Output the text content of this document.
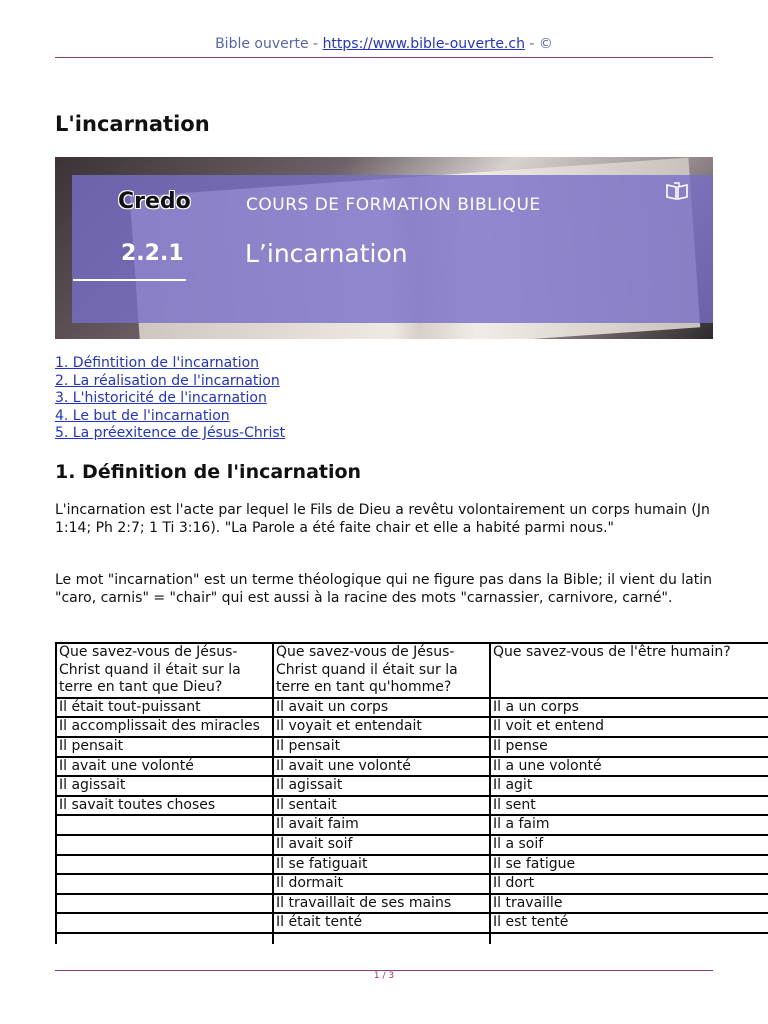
Bible ouverte - https://www.bible-ouverte.ch - ©
L'incarnation
Credo	COURS DE FORMATION BIBLIQUE
2.2.1 L’incarnation
1. Défintition de l'incarnation
2. La réalisation de l'incarnation
3. L'historicité de l'incarnation
4. Le but de l'incarnation
5. La préexitence de Jésus-Christ
1. Définition de l'incarnation

L'incarnation est l'acte par lequel le Fils de Dieu a revêtu volontairement un corps humain (Jn 1:14; Ph 2:7; 1 Ti 3:16). "La Parole a été faite chair et elle a habité parmi nous."

Le mot "incarnation" est un terme théologique qui ne figure pas dans la Bible; il vient du latin "caro, carnis" = "chair" qui est aussi à la racine des mots "carnassier, carnivore, carné".

Que savez-vous de Jésus-Christ quand il était sur la terre en tant que Dieu?	Que savez-vous de Jésus-Christ quand il était sur la terre en tant qu'homme?	Que savez-vous de l'être humain?
Il était tout-puissant	Il avait un corps	Il a un corps
Il accomplissait des miracles	Il voyait et entendait	Il voit et entend
Il pensait	Il pensait	Il pense
Il avait une volonté	Il avait une volonté	Il a une volonté
Il agissait	Il agissait	Il agit
Il savait toutes choses	Il sentait	Il sent
	Il avait faim	Il a faim
	Il avait soif	Il a soif
	Il se fatiguait	Il se fatigue
	Il dormait	Il dort
	Il travaillait de ses mains	Il travaille
	Il était tenté	Il est tenté

1 / 3
